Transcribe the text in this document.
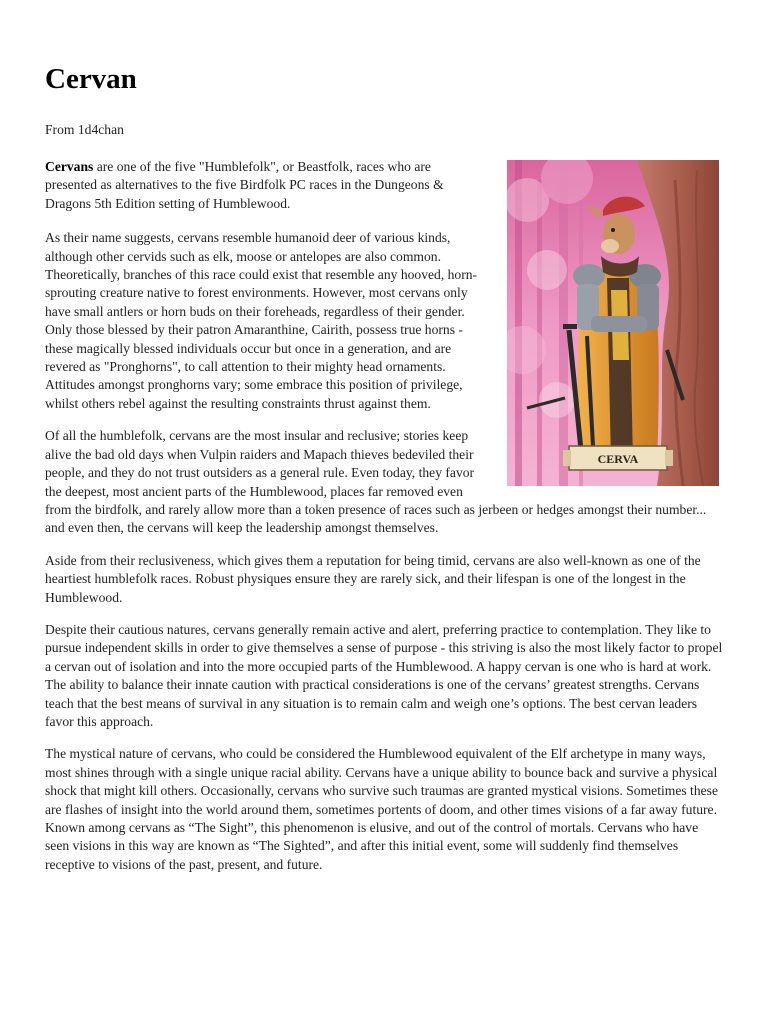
Cervan
From 1d4chan
CERVA

Cervans are one of the five "Humblefolk", or Beastfolk, races who are presented as alternatives to the five Birdfolk PC races in the Dungeons & Dragons 5th Edition setting of Humblewood.

As their name suggests, cervans resemble humanoid deer of various kinds, although other cervids such as elk, moose or antelopes are also common. Theoretically, branches of this race could exist that resemble any hooved, horn-sprouting creature native to forest environments. However, most cervans only have small antlers or horn buds on their foreheads, regardless of their gender. Only those blessed by their patron Amaranthine, Cairith, possess true horns - these magically blessed individuals occur but once in a generation, and are revered as "Pronghorns", to call attention to their mighty head ornaments. Attitudes amongst pronghorns vary; some embrace this position of privilege, whilst others rebel against the resulting constraints thrust against them.

Of all the humblefolk, cervans are the most insular and reclusive; stories keep alive the bad old days when Vulpin raiders and Mapach thieves bedeviled their people, and they do not trust outsiders as a general rule. Even today, they favor the deepest, most ancient parts of the Humblewood, places far removed even from the birdfolk, and rarely allow more than a token presence of races such as jerbeen or hedges amongst their number... and even then, the cervans will keep the leadership amongst themselves.

Aside from their reclusiveness, which gives them a reputation for being timid, cervans are also well-known as one of the heartiest humblefolk races. Robust physiques ensure they are rarely sick, and their lifespan is one of the longest in the Humblewood.

Despite their cautious natures, cervans generally remain active and alert, preferring practice to contemplation. They like to pursue independent skills in order to give themselves a sense of purpose - this striving is also the most likely factor to propel a cervan out of isolation and into the more occupied parts of the Humblewood. A happy cervan is one who is hard at work. The ability to balance their innate caution with practical considerations is one of the cervans’ greatest strengths. Cervans teach that the best means of survival in any situation is to remain calm and weigh one’s options. The best cervan leaders favor this approach.

The mystical nature of cervans, who could be considered the Humblewood equivalent of the Elf archetype in many ways, most shines through with a single unique racial ability. Cervans have a unique ability to bounce back and survive a physical shock that might kill others. Occasionally, cervans who survive such traumas are granted mystical visions. Sometimes these are flashes of insight into the world around them, sometimes portents of doom, and other times visions of a far away future. Known among cervans as “The Sight”, this phenomenon is elusive, and out of the control of mortals. Cervans who have seen visions in this way are known as “The Sighted”, and after this initial event, some will suddenly find themselves receptive to visions of the past, present, and future.
